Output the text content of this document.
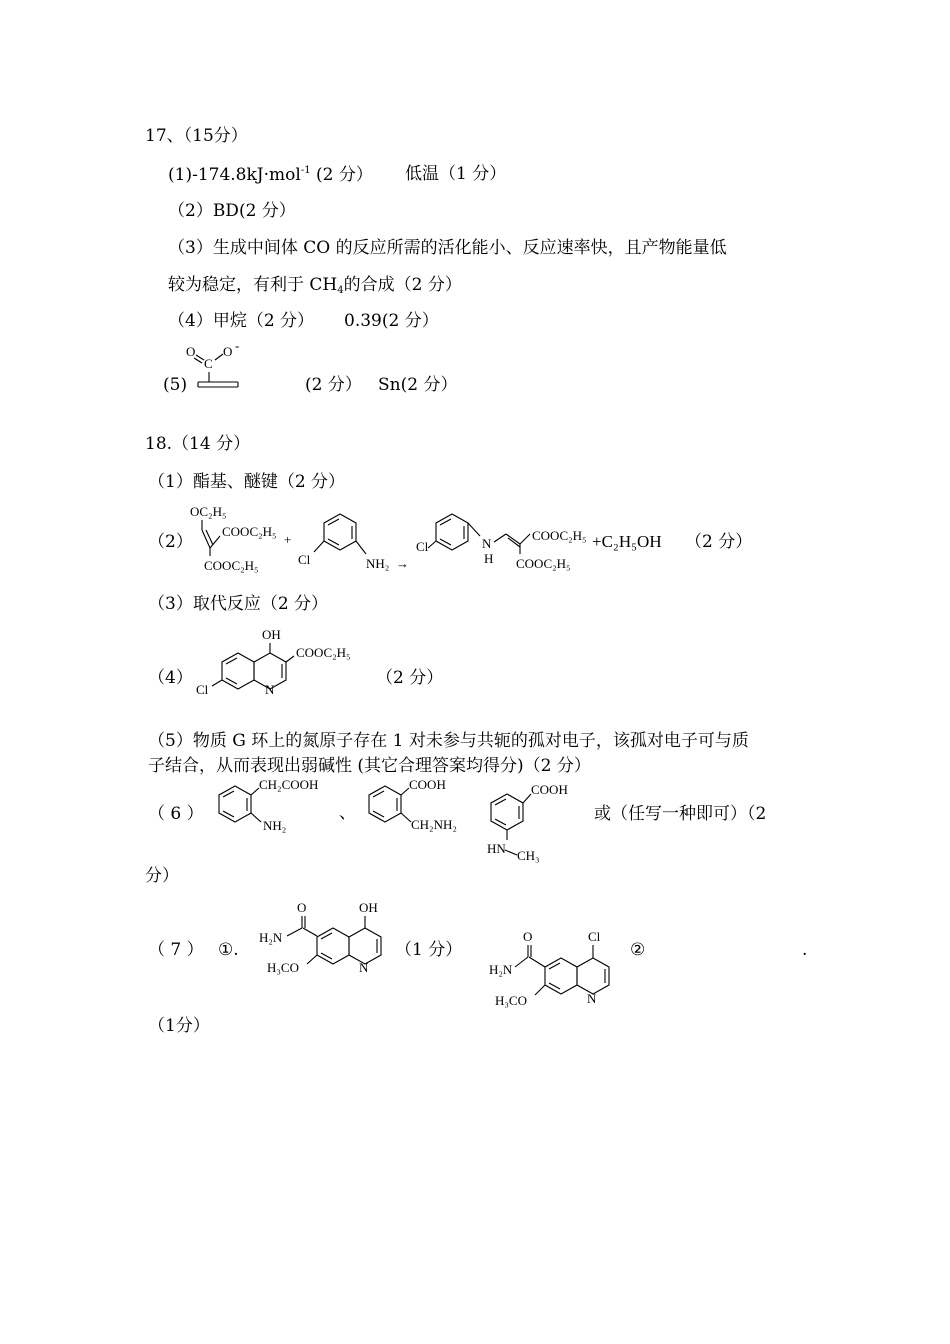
17、（15分）
(1)-174.8kJ·mol$^{-1}$ (2 分） 低温（1 分）
（2）BD(2 分）
（3）生成中间体 CO 的反应所需的活化能小、反应速率快，且产物能量低
较为稳定，有利于 $CH_4$的合成（2 分）
（4）甲烷（2 分） 0.39(2 分）
(5)
O
C
O -
(2 分） Sn(2 分）
18.（14 分）
（1）酯基、醚键（2 分）
（2）
OC₂H₅
COOC₂H₅
COOC₂H₅
+
Cl	NH₂ →
Cl	N
H
COOC₂H₅
COOC₂H₅
+C₂H₅OH （2 分）
（3）取代反应（2 分）
（4）
OH
COOC₂H₅
Cl	N
（2 分）
（5）物质 G 环上的氮原子存在 1 对未参与共轭的孤对电子，该孤对电子可与质
子结合，从而表现出弱碱性 (其它合理答案均得分)（2 分）
（ 6 ）
CH₂COOH
NH₂
、
COOH
CH₂NH₂
COOH
HN CH₃
或（任写一种即可）（2
分）
（ 7 ） ①.
O	OH
H₂N
H₃CO	N
（1 分）
O	Cl
H₂N
H₃CO	N
②	.
（1分）
